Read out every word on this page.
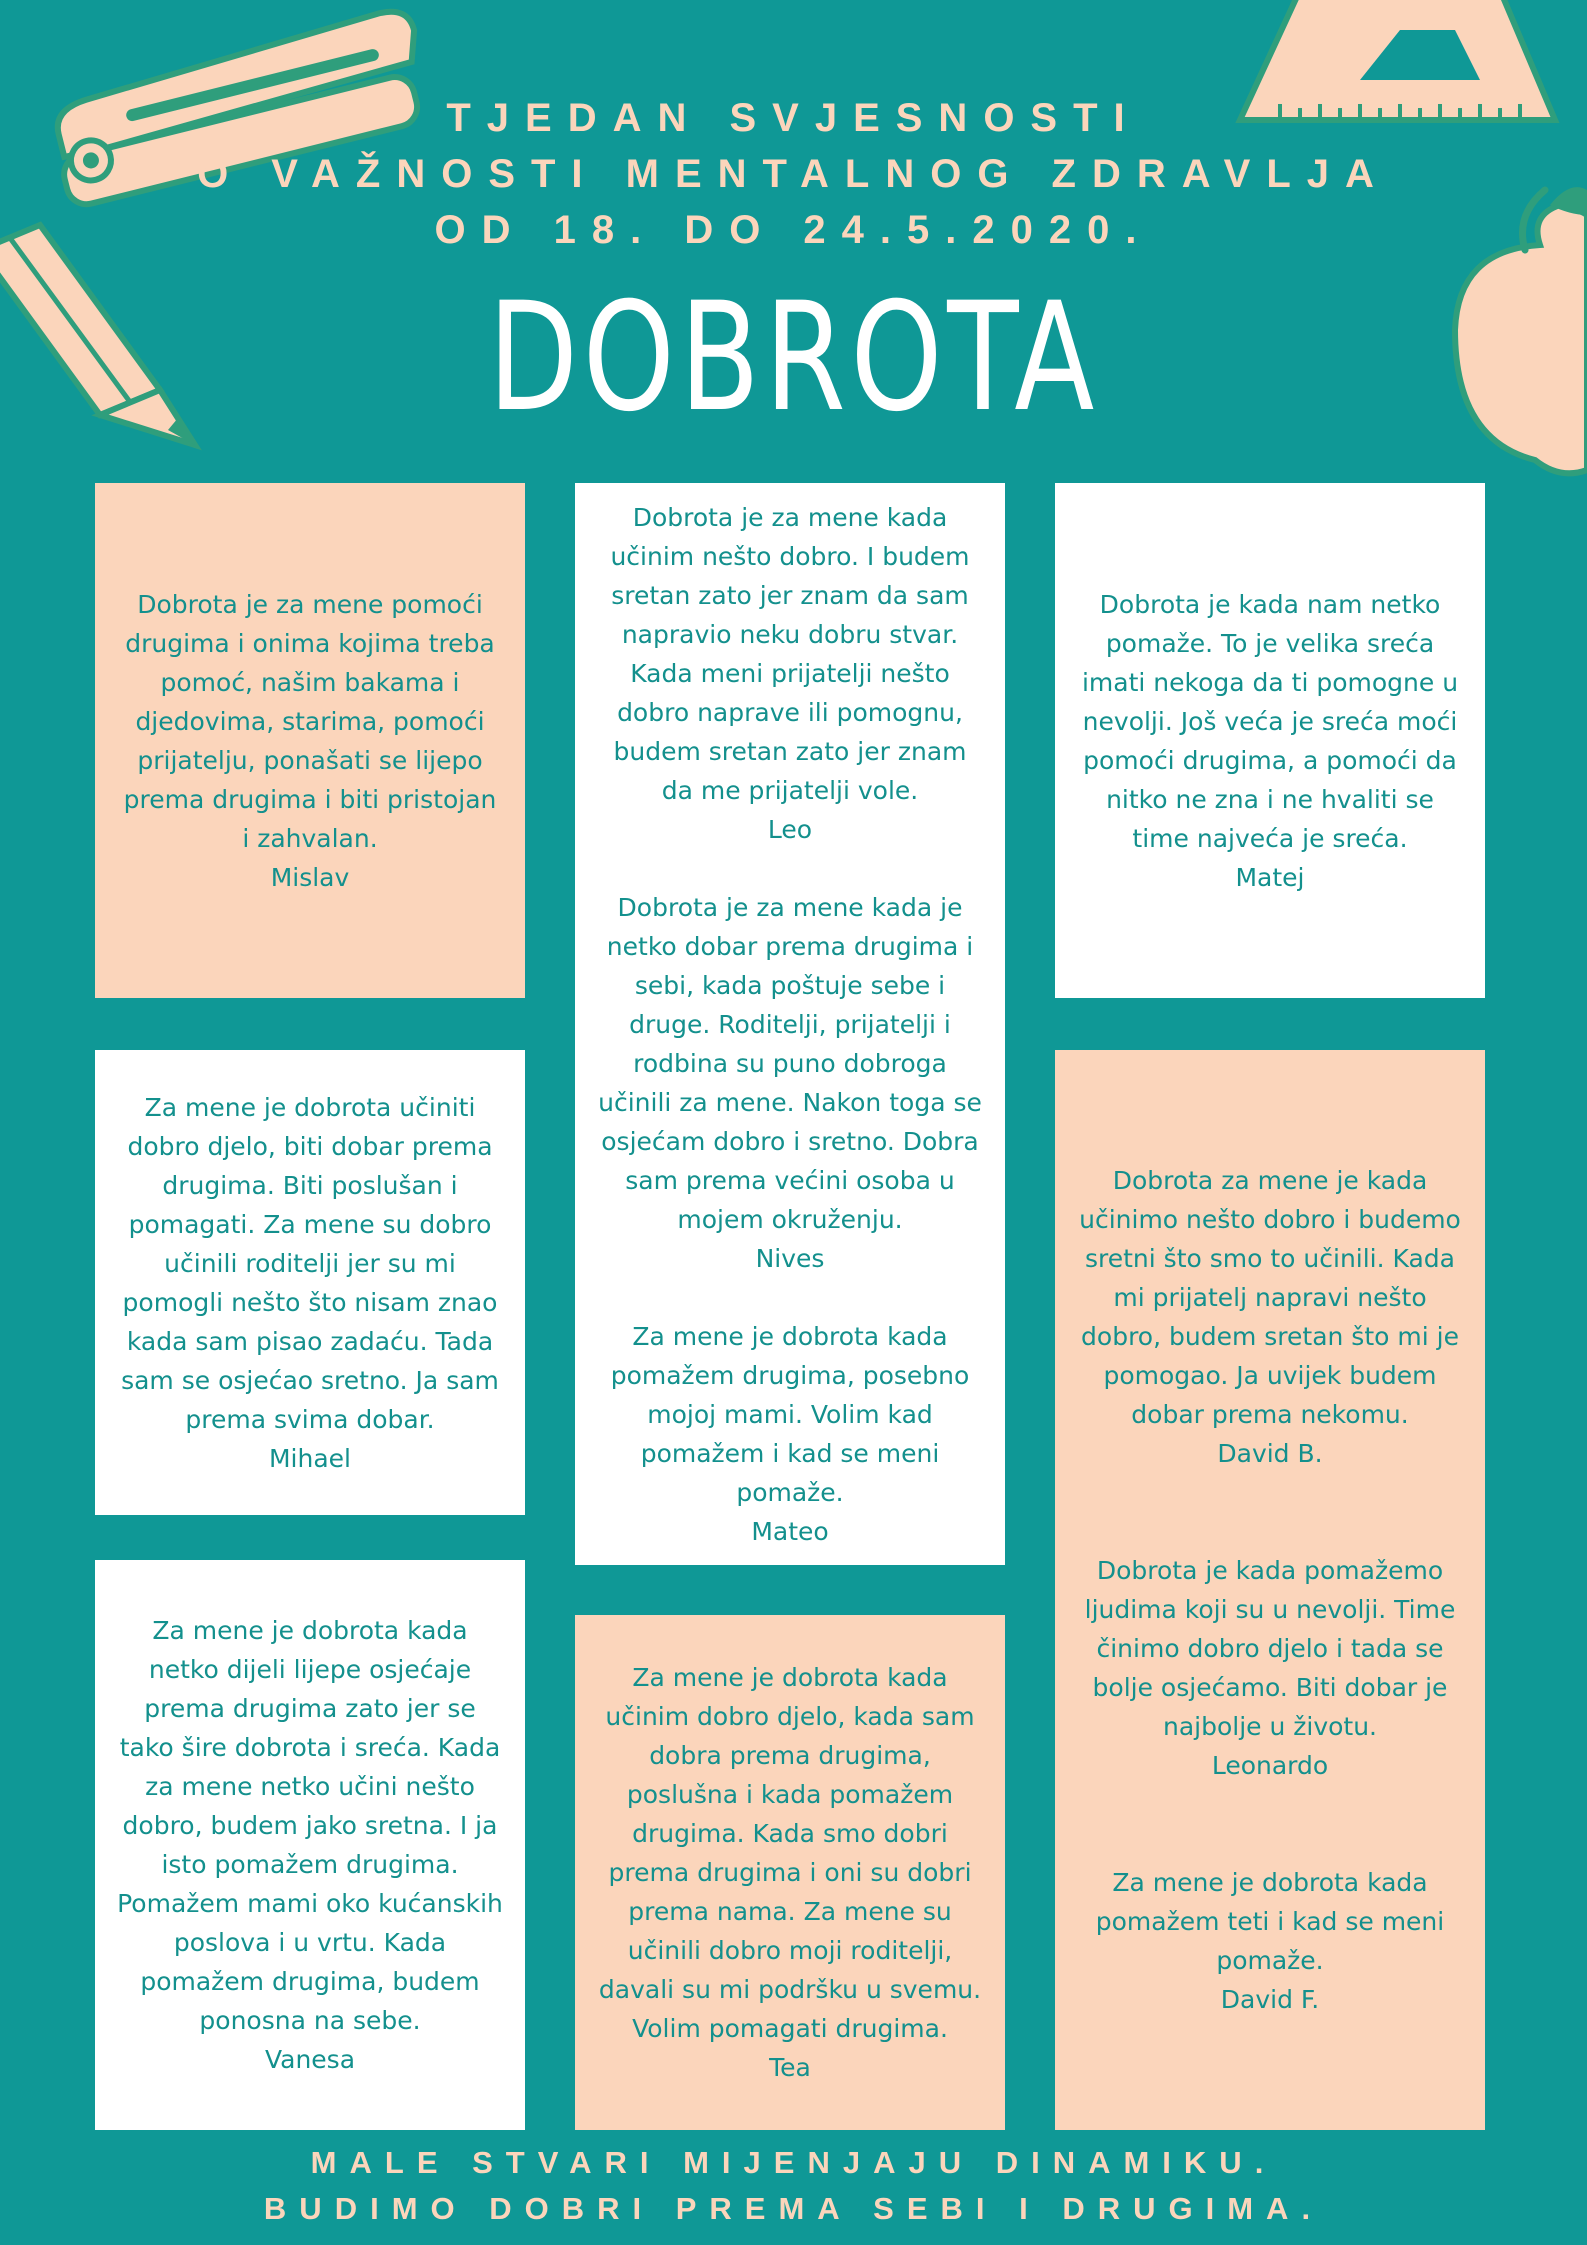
TJEDAN SVJESNOSTI
O VAŽNOSTI MENTALNOG ZDRAVLJA
OD 18. DO 24.5.2020.
DOBROTA
Dobrota je za mene pomoći drugima i onima kojima treba pomoć, našim bakama i djedovima, starima, pomoći prijatelju, ponašati se lijepo prema drugima i biti pristojan i zahvalan.
Mislav
Za mene je dobrota učiniti dobro djelo, biti dobar prema drugima. Biti poslušan i pomagati. Za mene su dobro učinili roditelji jer su mi pomogli nešto što nisam znao kada sam pisao zadaću. Tada sam se osjećao sretno. Ja sam prema svima dobar.
Mihael
Za mene je dobrota kada netko dijeli lijepe osjećaje prema drugima zato jer se tako šire dobrota i sreća. Kada za mene netko učini nešto dobro, budem jako sretna. I ja isto pomažem drugima. Pomažem mami oko kućanskih poslova i u vrtu. Kada pomažem drugima, budem ponosna na sebe.
Vanesa
Dobrota je za mene kada učinim nešto dobro. I budem sretan zato jer znam da sam napravio neku dobru stvar. Kada meni prijatelji nešto dobro naprave ili pomognu, budem sretan zato jer znam da me prijatelji vole.
Leo
Dobrota je za mene kada je netko dobar prema drugima i sebi, kada poštuje sebe i druge. Roditelji, prijatelji i rodbina su puno dobroga učinili za mene. Nakon toga se osjećam dobro i sretno. Dobra sam prema većini osoba u mojem okruženju.
Nives
Za mene je dobrota kada pomažem drugima, posebno mojoj mami. Volim kad pomažem i kad se meni pomaže.
Mateo
Za mene je dobrota kada učinim dobro djelo, kada sam dobra prema drugima, poslušna i kada pomažem drugima. Kada smo dobri prema drugima i oni su dobri prema nama. Za mene su učinili dobro moji roditelji, davali su mi podršku u svemu. Volim pomagati drugima.
Tea
Dobrota je kada nam netko pomaže. To je velika sreća imati nekoga da ti pomogne u nevolji. Još veća je sreća moći pomoći drugima, a pomoći da nitko ne zna i ne hvaliti se time najveća je sreća.
Matej
Dobrota za mene je kada učinimo nešto dobro i budemo sretni što smo to učinili. Kada mi prijatelj napravi nešto dobro, budem sretan što mi je pomogao. Ja uvijek budem dobar prema nekomu.
David B.
Dobrota je kada pomažemo ljudima koji su u nevolji. Time činimo dobro djelo i tada se bolje osjećamo. Biti dobar je najbolje u životu.
Leonardo
Za mene je dobrota kada pomažem teti i kad se meni pomaže.
David F.
MALE STVARI MIJENJAJU DINAMIKU.
BUDIMO DOBRI PREMA SEBI I DRUGIMA.
